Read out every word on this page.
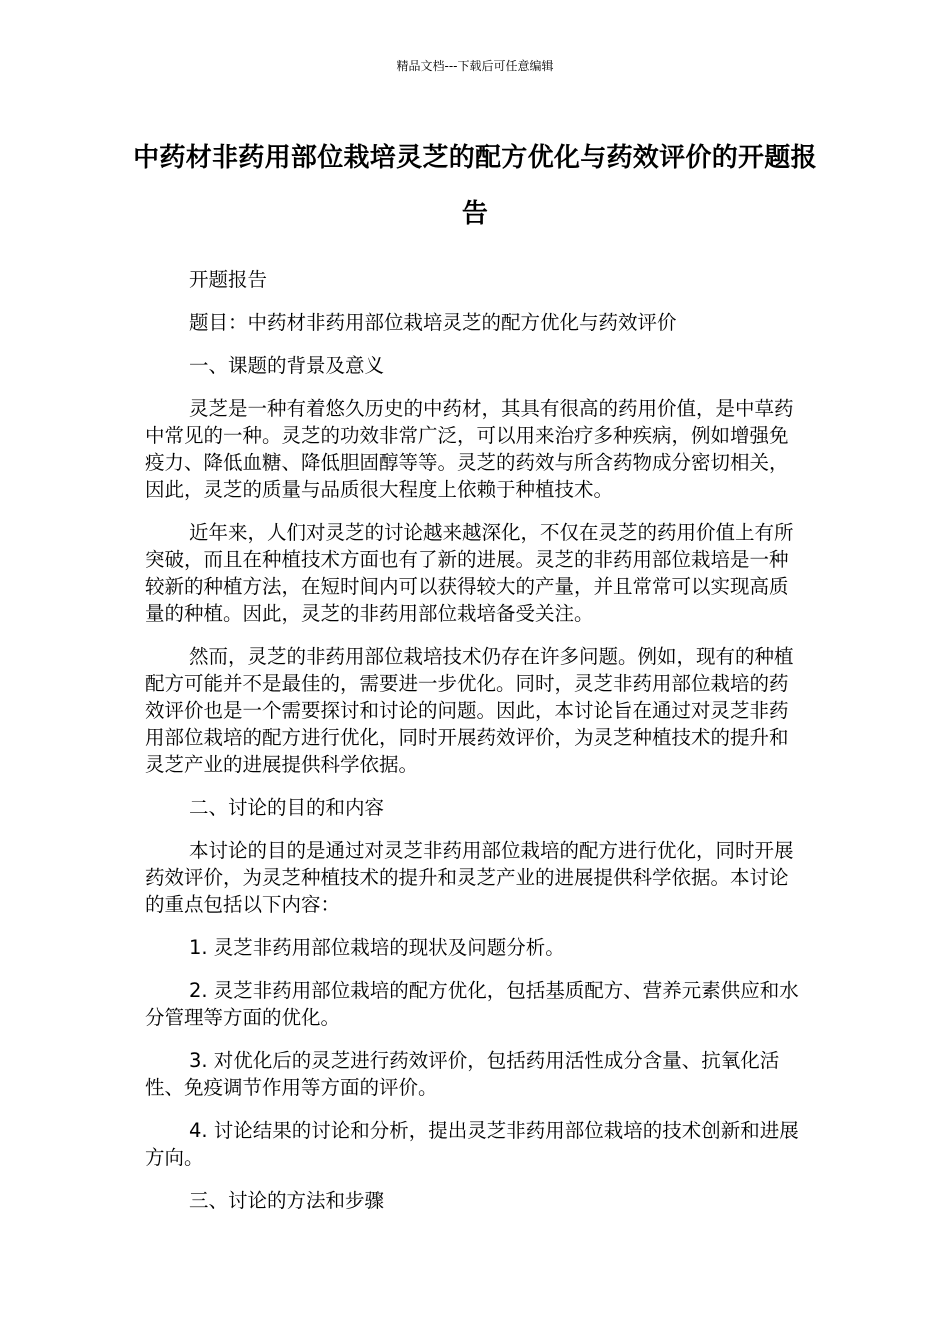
精品文档---下载后可任意编辑
中药材非药用部位栽培灵芝的配方优化与药效评价的开题报告

开题报告

题目：中药材非药用部位栽培灵芝的配方优化与药效评价

一、课题的背景及意义

灵芝是一种有着悠久历史的中药材，其具有很高的药用价值，是中草药中常见的一种。灵芝的功效非常广泛，可以用来治疗多种疾病，例如增强免疫力、降低血糖、降低胆固醇等等。灵芝的药效与所含药物成分密切相关，因此，灵芝的质量与品质很大程度上依赖于种植技术。

近年来，人们对灵芝的讨论越来越深化，不仅在灵芝的药用价值上有所突破，而且在种植技术方面也有了新的进展。灵芝的非药用部位栽培是一种较新的种植方法，在短时间内可以获得较大的产量，并且常常可以实现高质量的种植。因此，灵芝的非药用部位栽培备受关注。

然而，灵芝的非药用部位栽培技术仍存在许多问题。例如，现有的种植配方可能并不是最佳的，需要进一步优化。同时，灵芝非药用部位栽培的药效评价也是一个需要探讨和讨论的问题。因此，本讨论旨在通过对灵芝非药用部位栽培的配方进行优化，同时开展药效评价，为灵芝种植技术的提升和灵芝产业的进展提供科学依据。

二、讨论的目的和内容

本讨论的目的是通过对灵芝非药用部位栽培的配方进行优化，同时开展药效评价，为灵芝种植技术的提升和灵芝产业的进展提供科学依据。本讨论的重点包括以下内容：

1. 灵芝非药用部位栽培的现状及问题分析。

2. 灵芝非药用部位栽培的配方优化，包括基质配方、营养元素供应和水分管理等方面的优化。

3. 对优化后的灵芝进行药效评价，包括药用活性成分含量、抗氧化活性、免疫调节作用等方面的评价。

4. 讨论结果的讨论和分析，提出灵芝非药用部位栽培的技术创新和进展方向。

三、讨论的方法和步骤
